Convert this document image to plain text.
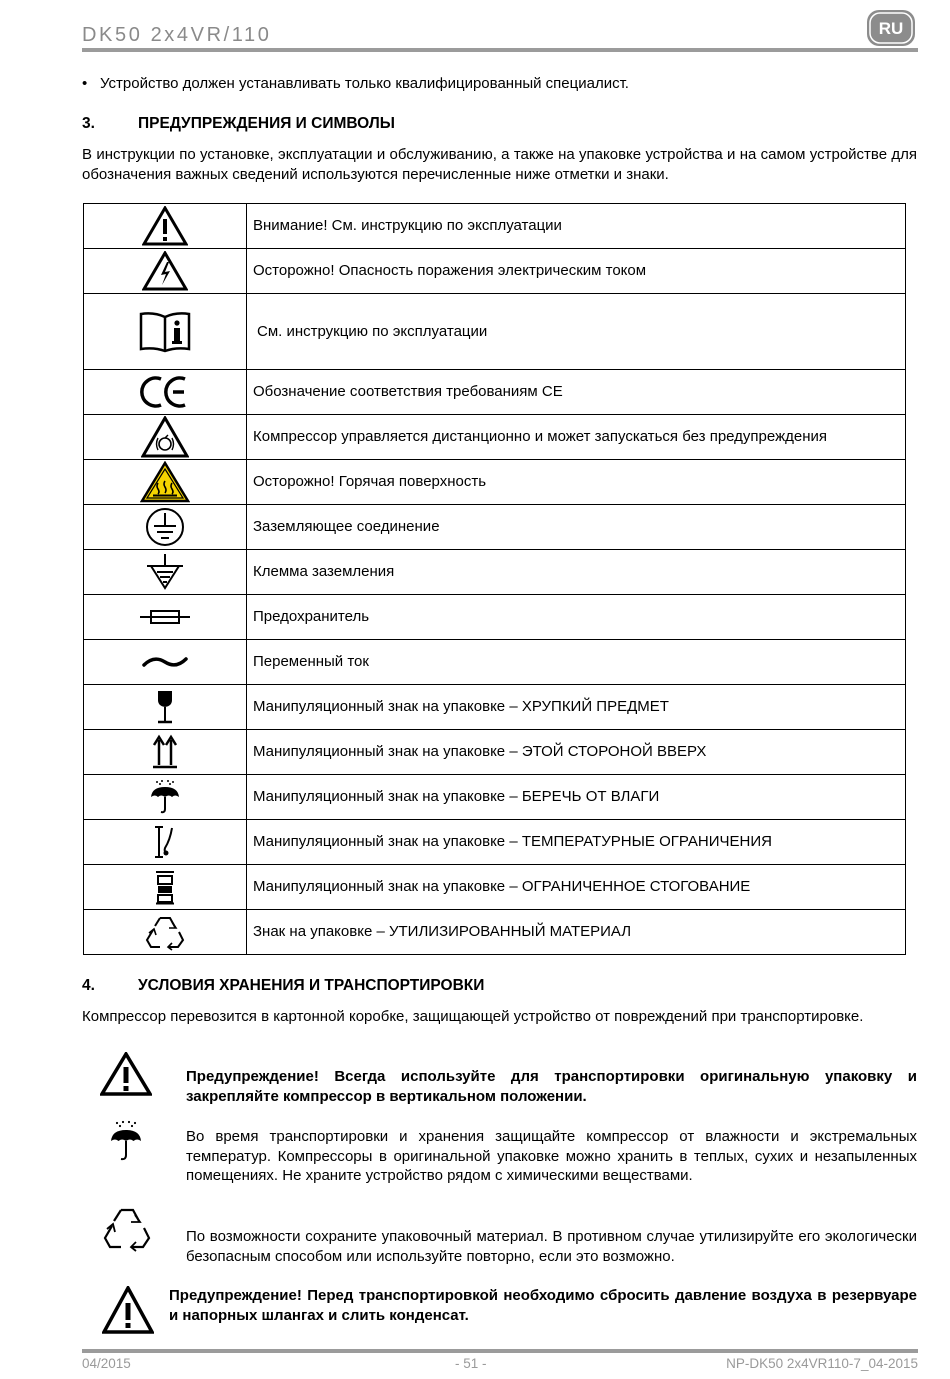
DK50 2x4VR/110	RU
• Устройство должен устанавливать только квалифицированный специалист.
3.	ПРЕДУПРЕЖДЕНИЯ И СИМВОЛЫ
В инструкции по установке, эксплуатации и обслуживанию, а также на упаковке устройства и на самом устройстве для обозначения важных сведений используются перечисленные ниже отметки и знаки.
	Внимание! См. инструкцию по эксплуатации
	Осторожно! Опасность поражения электрическим током
	См. инструкцию по эксплуатации
	Обозначение соответствия требованиям CE
	Компрессор управляется дистанционно и может запускаться без предупреждения
	Осторожно! Горячая поверхность
	Заземляющее соединение
	Клемма заземления
	Предохранитель
	Переменный ток
	Манипуляционный знак на упаковке – ХРУПКИЙ ПРЕДМЕТ
	Манипуляционный знак на упаковке – ЭТОЙ СТОРОНОЙ ВВЕРХ
	Манипуляционный знак на упаковке – БЕРЕЧЬ ОТ ВЛАГИ
	Манипуляционный знак на упаковке – ТЕМПЕРАТУРНЫЕ ОГРАНИЧЕНИЯ
	Манипуляционный знак на упаковке – ОГРАНИЧЕННОЕ СТОГОВАНИЕ
	Знак на упаковке – УТИЛИЗИРОВАННЫЙ МАТЕРИАЛ
4.	УСЛОВИЯ ХРАНЕНИЯ И ТРАНСПОРТИРОВКИ
Компрессор перевозится в картонной коробке, защищающей устройство от повреждений при транспортировке.
Предупреждение! Всегда используйте для транспортировки оригинальную упаковку и закрепляйте компрессор в вертикальном положении.
Во время транспортировки и хранения защищайте компрессор от влажности и экстремальных температур. Компрессоры в оригинальной упаковке можно хранить в теплых, сухих и незапыленных помещениях. Не храните устройство рядом с химическими веществами.
По возможности сохраните упаковочный материал. В противном случае утилизируйте его экологически безопасным способом или используйте повторно, если это возможно.
Предупреждение! Перед транспортировкой необходимо сбросить давление воздуха в резервуаре и напорных шлангах и слить конденсат.
04/2015	- 51 -	NP-DK50 2x4VR110-7_04-2015
